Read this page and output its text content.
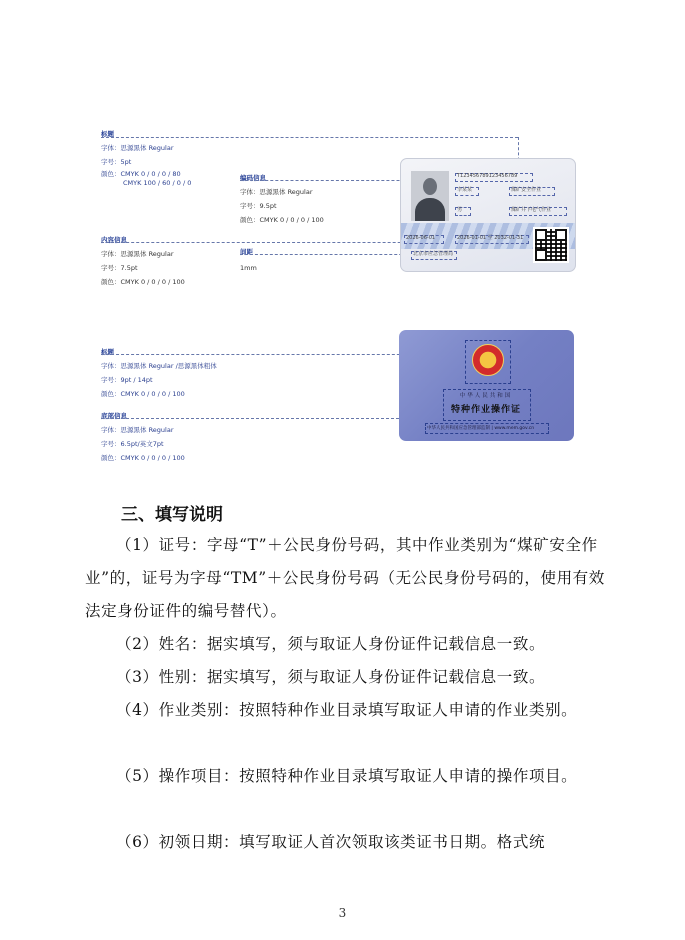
标题
字体：思源黑体 Regular
字号：5pt
颜色：CMYK 0 / 0 / 0 / 80
CMYK 100 / 60 / 0 / 0
编码信息
字体：思源黑体 Regular
字号：9.5pt
颜色：CMYK 0 / 0 / 0 / 100
内容信息
字体：思源黑体 Regular
字号：7.5pt
颜色：CMYK 0 / 0 / 0 / 100
间距
1mm
T123456789123456789
李某某	煤矿安全作业
男	煤矿井下电气作业
2026-06-01	2026-01-01 至 2032-01-31
北京市应急管理局
标题
字体：思源黑体 Regular /思源黑体粗体
字号：9pt / 14pt
颜色：CMYK 0 / 0 / 0 / 100
底部信息
字体：思源黑体 Regular
字号：6.5pt/英文7pt
颜色：CMYK 0 / 0 / 0 / 100
中华人民共和国
特种作业操作证
中华人民共和国应急管理部监制 | www.mem.gov.cn
三、填写说明

（1）证号：字母“T”＋公民身份号码，其中作业类别为“煤矿安全作业”的，证号为字母“TM”＋公民身份号码（无公民身份号码的，使用有效法定身份证件的编号替代）。

（2）姓名：据实填写，须与取证人身份证件记载信息一致。

（3）性别：据实填写，须与取证人身份证件记载信息一致。

（4）作业类别：按照特种作业目录填写取证人申请的作业类别。

（5）操作项目：按照特种作业目录填写取证人申请的操作项目。

（6）初领日期：填写取证人首次领取该类证书日期。格式统

3
